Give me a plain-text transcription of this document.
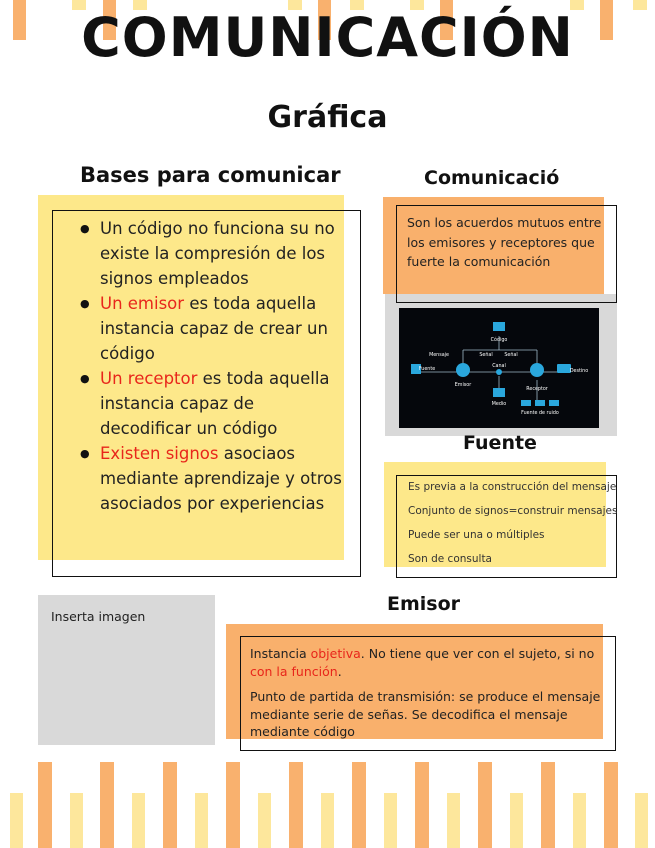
COMUNICACIÓN
Gráfica
Bases para comunicar
● Un código no funciona su no existe la compresión de los signos empleados
● Un emisor es toda aquella instancia capaz de crear un código
● Un receptor es toda aquella instancia capaz de decodificar un código
● Existen signos asociaos mediante aprendizaje y otros asociados por experiencias
Comunicació
Son los acuerdos mutuos entre los emisores y receptores que fuerte la comunicación
Código
Mensaje	Señal Señal
Fuente
Canal
Destino
Emisor
Receptor
Medio
Fuente de ruido
Fuente
Es previa a la construcción del mensaje
Conjunto de signos=construir mensajes
Puede ser una o múltiples
Son de consulta
Inserta imagen
Emisor

Instancia objetiva. No tiene que ver con el sujeto, si no con la función.

Punto de partida de transmisión: se produce el mensaje mediante serie de señas. Se decodifica el mensaje mediante código
